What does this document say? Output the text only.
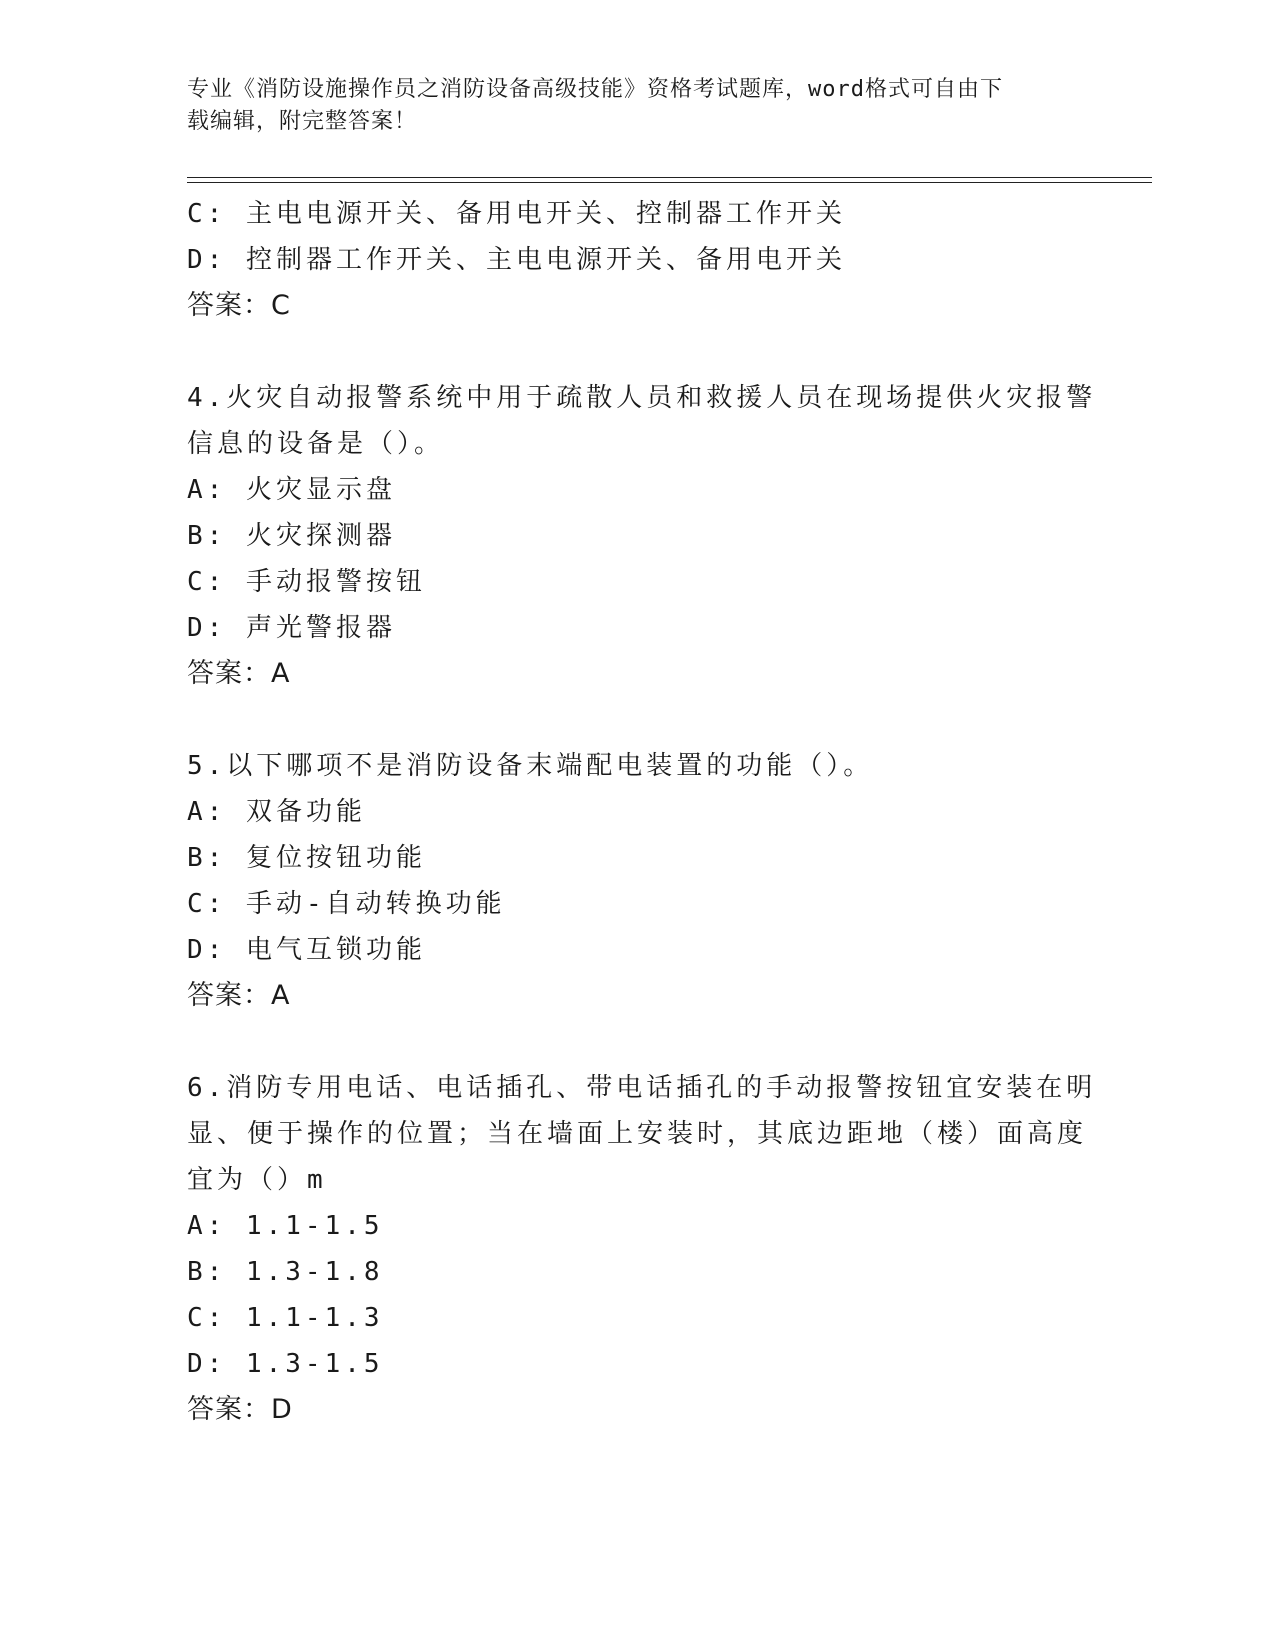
专业《消防设施操作员之消防设备高级技能》资格考试题库，word格式可自由下
载编辑，附完整答案！
C: 主电电源开关、备用电开关、控制器工作开关
D: 控制器工作开关、主电电源开关、备用电开关
答案：C
4.火灾自动报警系统中用于疏散人员和救援人员在现场提供火灾报警
信息的设备是（）。
A: 火灾显示盘
B: 火灾探测器
C: 手动报警按钮
D: 声光警报器
答案：A
5.以下哪项不是消防设备末端配电装置的功能（）。
A: 双备功能
B: 复位按钮功能
C: 手动-自动转换功能
D: 电气互锁功能
答案：A
6.消防专用电话、电话插孔、带电话插孔的手动报警按钮宜安装在明
显、便于操作的位置；当在墙面上安装时，其底边距地（楼）面高度
宜为（）m
A: 1.1-1.5
B: 1.3-1.8
C: 1.1-1.3
D: 1.3-1.5
答案：D
